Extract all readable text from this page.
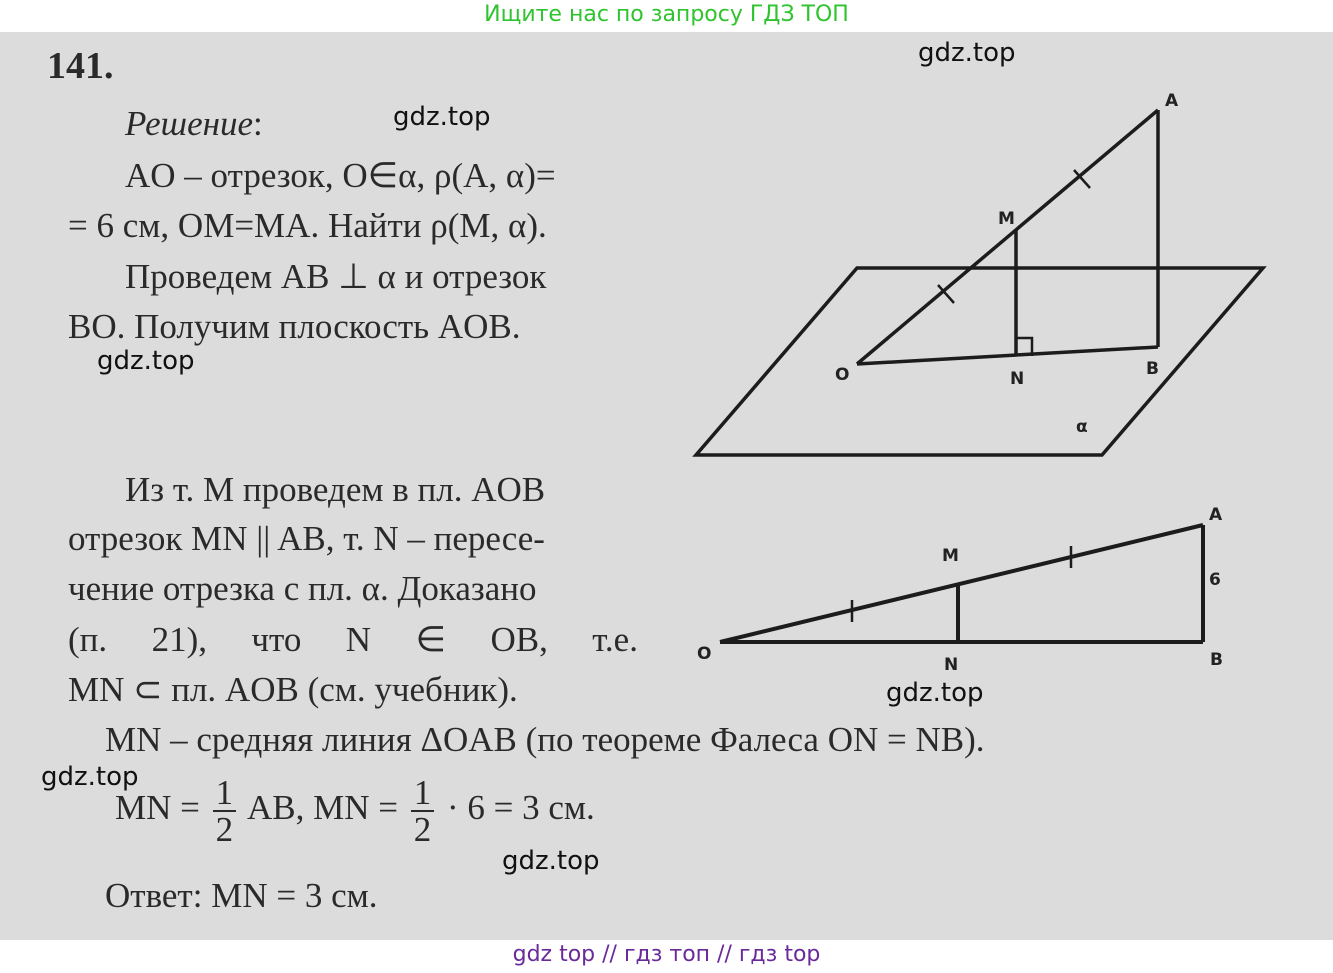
Ищите нас по запросу ГДЗ ТОП
A
M
O	N	B
α
A
M
O
N	B
6
141.
Решение:
AO – отрезок, O∈α, ρ(A, α)=
= 6 см, OM=MA. Найти ρ(M, α).
Проведем AB ⊥ α и отрезок
BO. Получим плоскость AOB.
Из т. M проведем в пл. AOB
отрезок MN || AB, т. N – пересе-
чение отрезка с пл. α. Доказано
(п. 21), что N ∈ OB, т.е.
MN ⊂ пл. AOB (см. учебник).
MN – средняя линия ΔOAB (по теореме Фалеса ON = NB).
MN = $\frac{1}{2}$ AB, MN = $\frac{1}{2} \cdot 6 = 3$ см.
Ответ: MN = 3 см.
gdz.top
gdz.top
gdz.top
gdz.top
gdz.top
gdz.top
gdz top // гдз топ // гдз top
